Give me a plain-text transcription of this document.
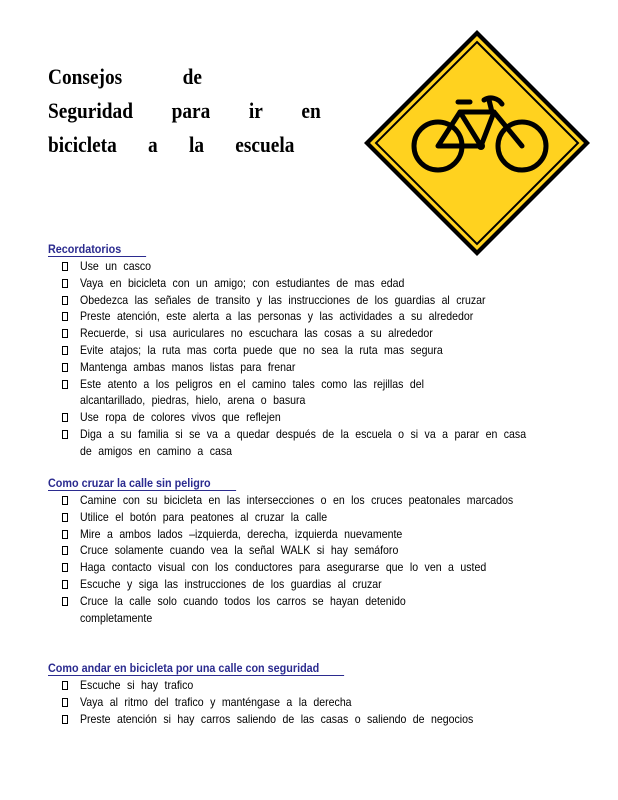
Consejos	de
Seguridad para ir en
bicicleta a la escuela
Recordatorios
Use un casco
Vaya en bicicleta con un amigo; con estudiantes de mas edad
Obedezca las señales de transito y las instrucciones de los guardias al cruzar
Preste atención, este alerta a las personas y las actividades a su alrededor
Recuerde, si usa auriculares no escuchara las cosas a su alrededor
Evite atajos; la ruta mas corta puede que no sea la ruta mas segura
Mantenga ambas manos listas para frenar
Este atento a los peligros en el camino tales como las rejillas del alcantarillado, piedras, hielo, arena o basura
Use ropa de colores vivos que reflejen
Diga a su familia si se va a quedar después de la escuela o si va a parar en casa de amigos en camino a casa
Como cruzar la calle sin peligro
Camine con su bicicleta en las intersecciones o en los cruces peatonales marcados
Utilice el botón para peatones al cruzar la calle
Mire a ambos lados –izquierda, derecha, izquierda nuevamente
Cruce solamente cuando vea la señal WALK si hay semáforo
Haga contacto visual con los conductores para asegurarse que lo ven a usted
Escuche y siga las instrucciones de los guardias al cruzar
Cruce la calle solo cuando todos los carros se hayan detenido completamente
Como andar en bicicleta por una calle con seguridad
Escuche si hay trafico
Vaya al ritmo del trafico y manténgase a la derecha
Preste atención si hay carros saliendo de las casas o saliendo de negocios
